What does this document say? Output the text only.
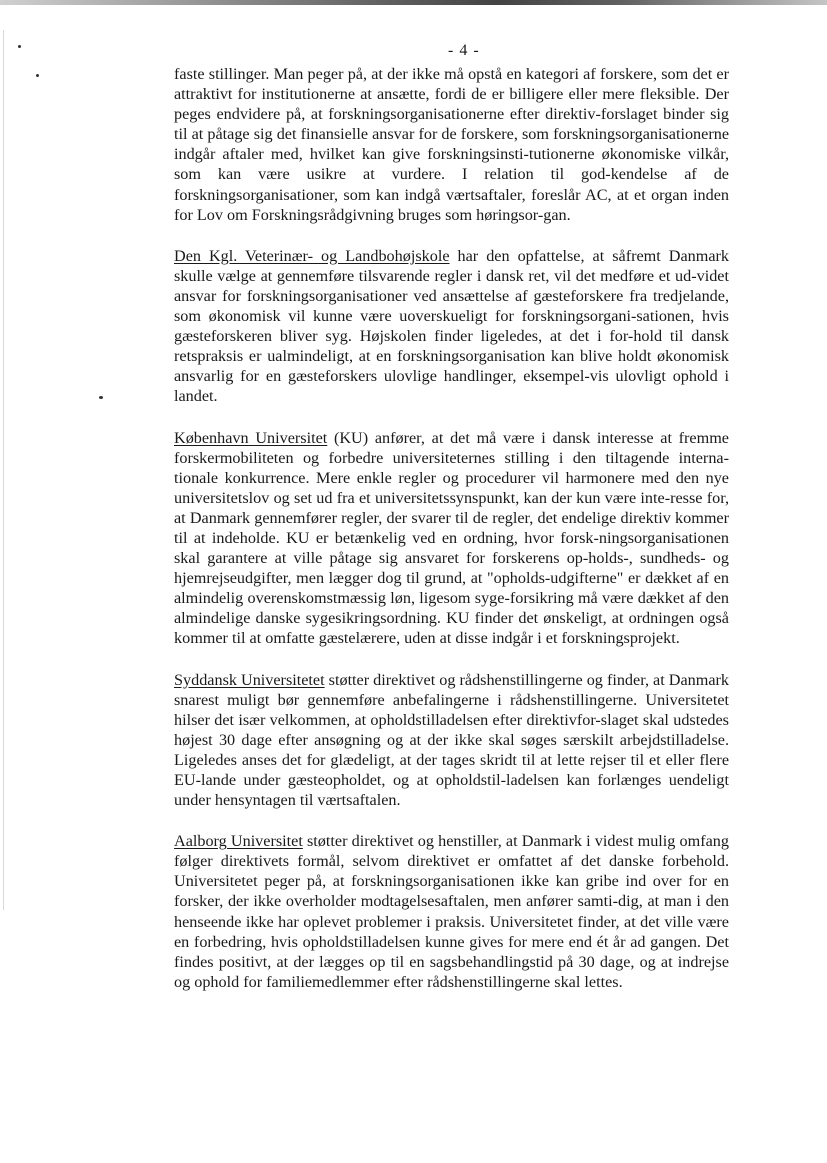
- 4 -

faste stillinger. Man peger på, at der ikke må opstå en kategori af forskere, som det er attraktivt for institutionerne at ansætte, fordi de er billigere eller mere fleksible. Der peges endvidere på, at forskningsorganisationerne efter direktiv-forslaget binder sig til at påtage sig det finansielle ansvar for de forskere, som forskningsorganisationerne indgår aftaler med, hvilket kan give forskningsinsti-tutionerne økonomiske vilkår, som kan være usikre at vurdere. I relation til god-kendelse af de forskningsorganisationer, som kan indgå værtsaftaler, foreslår AC, at et organ inden for Lov om Forskningsrådgivning bruges som høringsor-gan.

Den Kgl. Veterinær- og Landbohøjskole har den opfattelse, at såfremt Danmark skulle vælge at gennemføre tilsvarende regler i dansk ret, vil det medføre et ud-videt ansvar for forskningsorganisationer ved ansættelse af gæsteforskere fra tredjelande, som økonomisk vil kunne være uoverskueligt for forskningsorgani-sationen, hvis gæsteforskeren bliver syg. Højskolen finder ligeledes, at det i for-hold til dansk retspraksis er ualmindeligt, at en forskningsorganisation kan blive holdt økonomisk ansvarlig for en gæsteforskers ulovlige handlinger, eksempel-vis ulovligt ophold i landet.

København Universitet (KU) anfører, at det må være i dansk interesse at fremme forskermobiliteten og forbedre universiteternes stilling i den tiltagende interna-tionale konkurrence. Mere enkle regler og procedurer vil harmonere med den nye universitetslov og set ud fra et universitetssynspunkt, kan der kun være inte-resse for, at Danmark gennemfører regler, der svarer til de regler, det endelige direktiv kommer til at indeholde. KU er betænkelig ved en ordning, hvor forsk-ningsorganisationen skal garantere at ville påtage sig ansvaret for forskerens op-holds-, sundheds- og hjemrejseudgifter, men lægger dog til grund, at "opholds-udgifterne" er dækket af en almindelig overenskomstmæssig løn, ligesom syge-forsikring må være dækket af den almindelige danske sygesikringsordning. KU finder det ønskeligt, at ordningen også kommer til at omfatte gæstelærere, uden at disse indgår i et forskningsprojekt.

Syddansk Universitetet støtter direktivet og rådshenstillingerne og finder, at Danmark snarest muligt bør gennemføre anbefalingerne i rådshenstillingerne. Universitetet hilser det især velkommen, at opholdstilladelsen efter direktivfor-slaget skal udstedes højest 30 dage efter ansøgning og at der ikke skal søges særskilt arbejdstilladelse. Ligeledes anses det for glædeligt, at der tages skridt til at lette rejser til et eller flere EU-lande under gæsteopholdet, og at opholdstil-ladelsen kan forlænges uendeligt under hensyntagen til værtsaftalen.

Aalborg Universitet støtter direktivet og henstiller, at Danmark i videst mulig omfang følger direktivets formål, selvom direktivet er omfattet af det danske forbehold. Universitetet peger på, at forskningsorganisationen ikke kan gribe ind over for en forsker, der ikke overholder modtagelsesaftalen, men anfører samti-dig, at man i den henseende ikke har oplevet problemer i praksis. Universitetet finder, at det ville være en forbedring, hvis opholdstilladelsen kunne gives for mere end ét år ad gangen. Det findes positivt, at der lægges op til en sagsbehandlingstid på 30 dage, og at indrejse og ophold for familiemedlemmer efter rådshenstillingerne skal lettes.
